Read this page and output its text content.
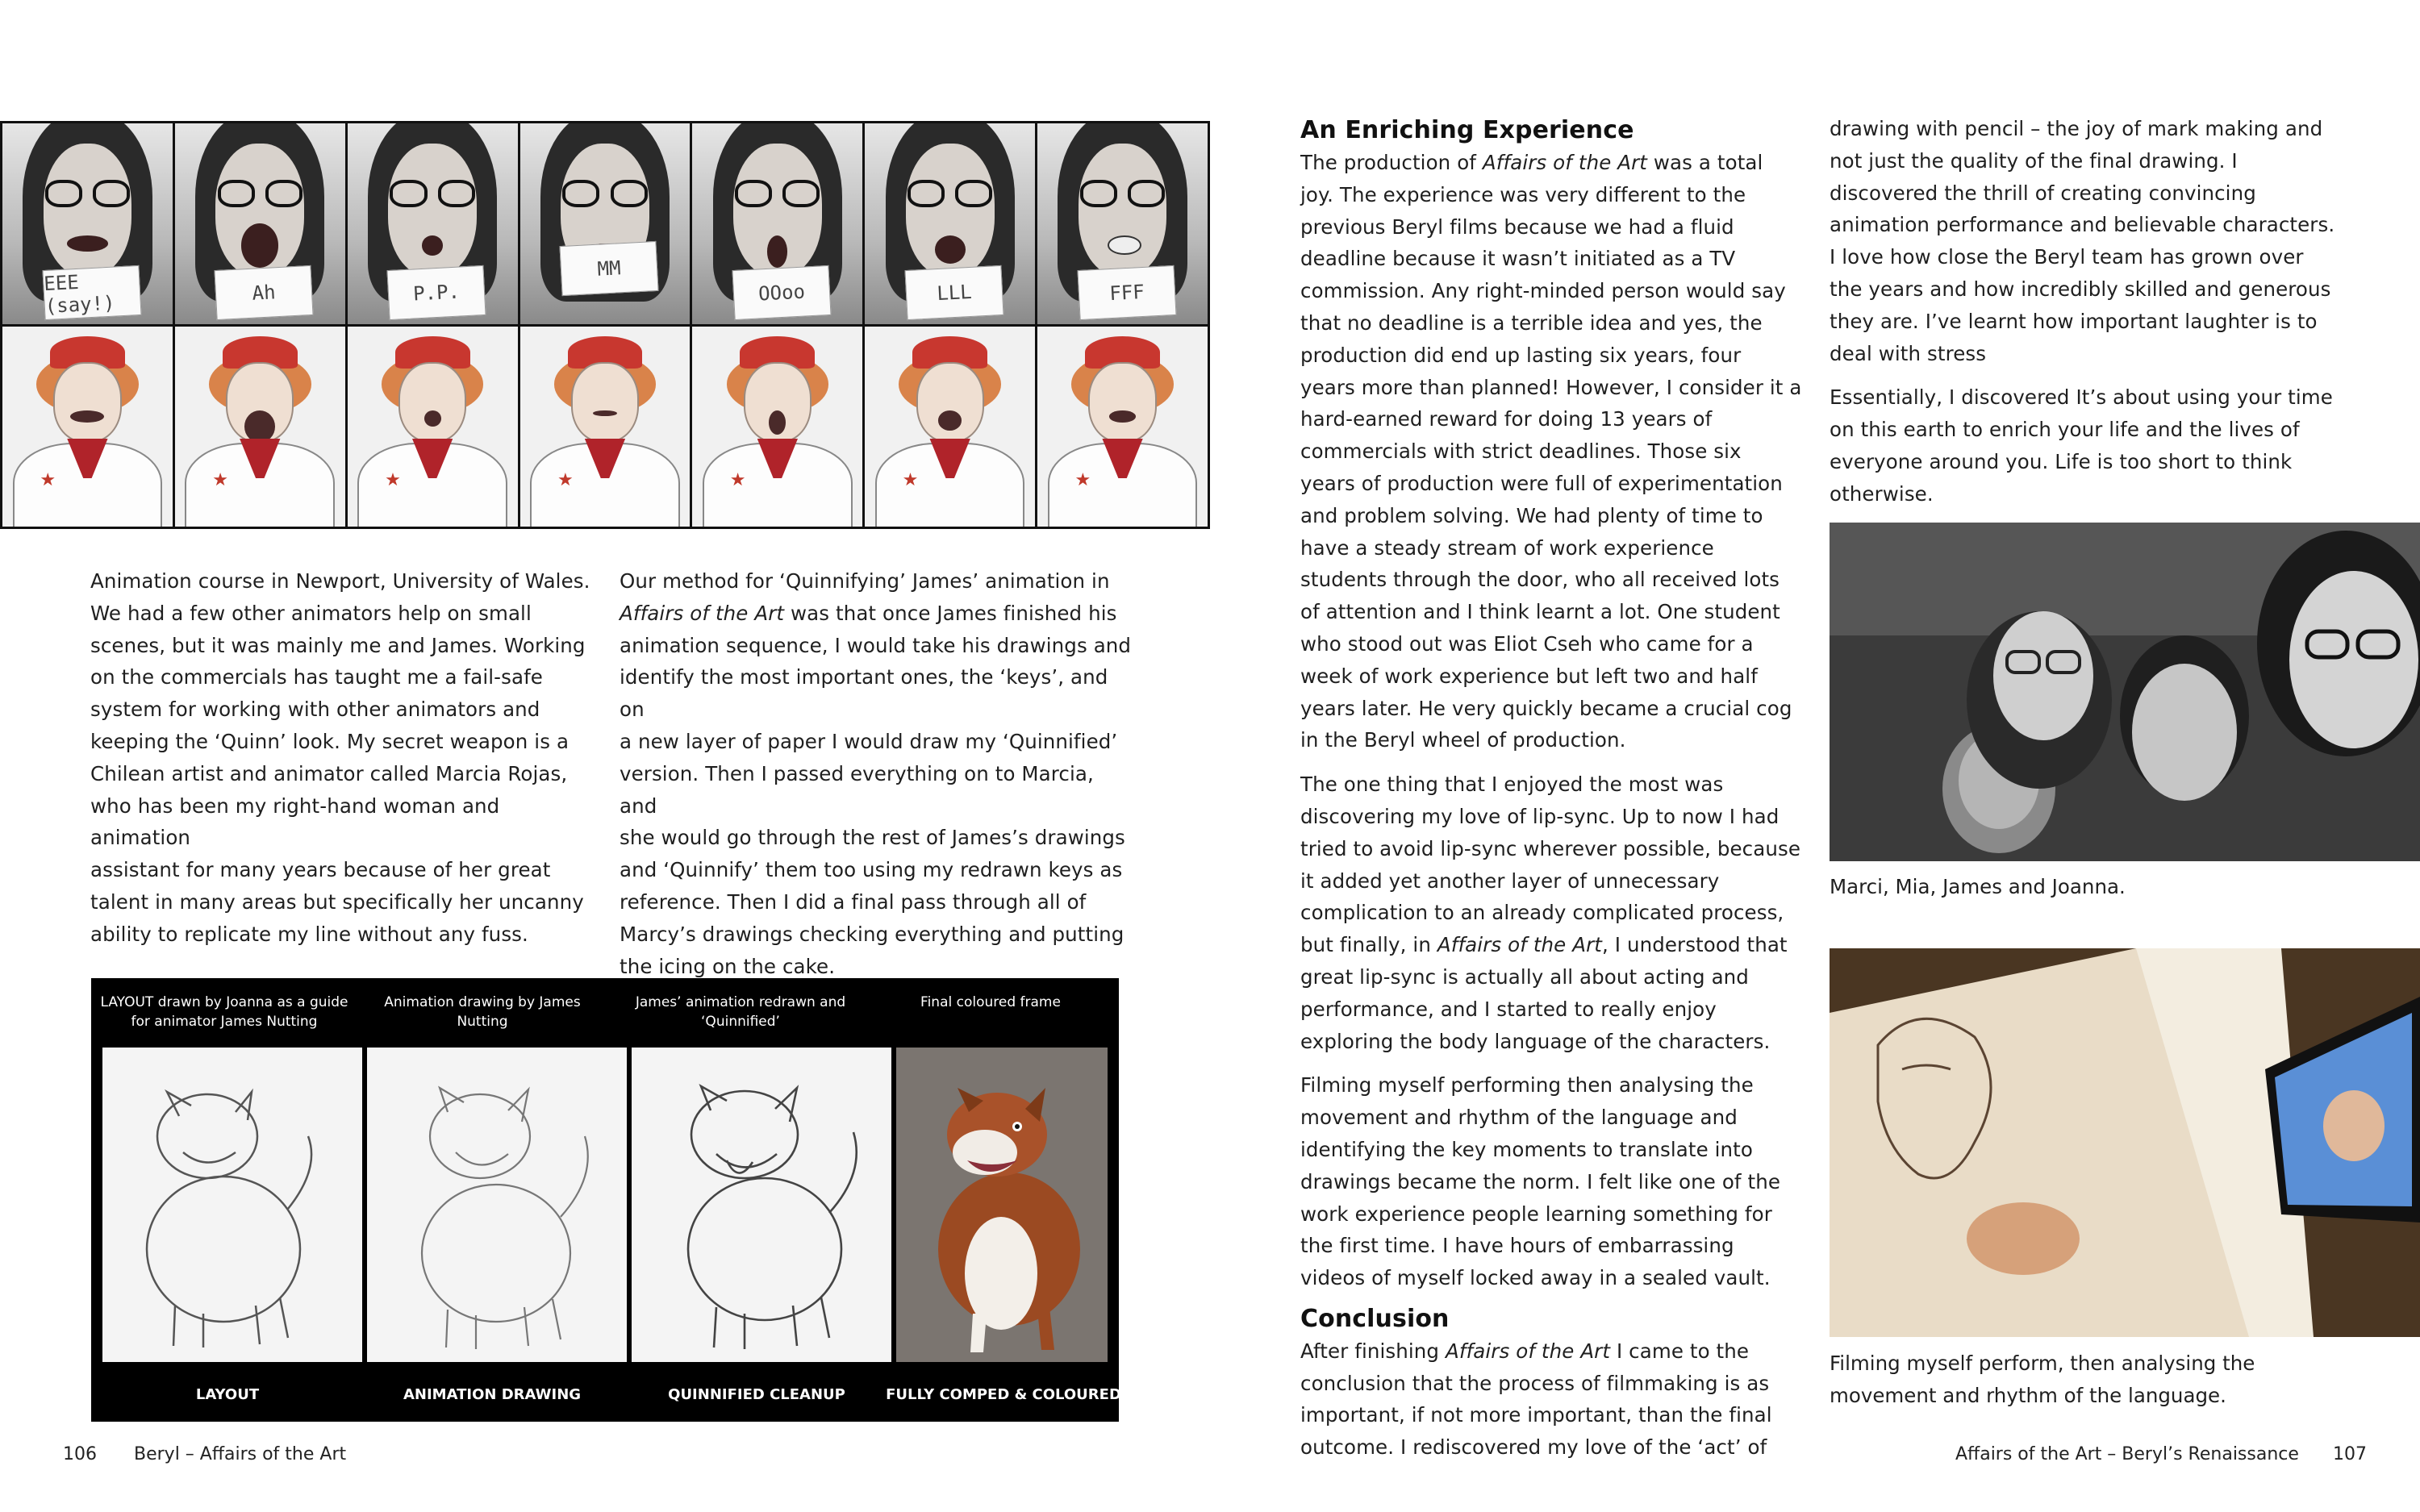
EEE (say!)	Ah	P.P.
MM
OOoo	LLL	FFF
★	★	★	★	★	★	★

Animation course in Newport, University of Wales.

We had a few other animators help on small

scenes, but it was mainly me and James. Working

on the commercials has taught me a fail-safe

system for working with other animators and

keeping the ‘Quinn’ look. My secret weapon is a

Chilean artist and animator called Marcia Rojas,

who has been my right-hand woman and animation

assistant for many years because of her great

talent in many areas but specifically her uncanny

ability to replicate my line without any fuss.

Our method for ‘Quinnifying’ James’ animation in

Affairs of the Art was that once James finished his

animation sequence, I would take his drawings and

identify the most important ones, the ‘keys’, and on

a new layer of paper I would draw my ‘Quinnified’

version. Then I passed everything on to Marcia, and

she would go through the rest of James’s drawings

and ‘Quinnify’ them too using my redrawn keys as

reference. Then I did a final pass through all of

Marcy’s drawings checking everything and putting

the icing on the cake.

LAYOUT drawn by Joanna as a guide for animator James Nutting
Animation drawing by James Nutting
James’ animation redrawn and ‘Quinnified’
Final coloured frame
LAYOUT	ANIMATION DRAWING	QUINNIFIED CLEANUP	FULLY COMPED & COLOURED
106 Beryl – Affairs of the Art
An Enriching Experience

The production of Affairs of the Art was a total joy. The experience was very different to the previous Beryl films because we had a fluid deadline because it wasn’t initiated as a TV commission. Any right-minded person would say that no deadline is a terrible idea and yes, the production did end up lasting six years, four years more than planned! However, I consider it a hard-earned reward for doing 13 years of commercials with strict deadlines. Those six years of production were full of experimentation and problem solving. We had plenty of time to have a steady stream of work experience students through the door, who all received lots of attention and I think learnt a lot. One student who stood out was Eliot Cseh who came for a week of work experience but left two and half years later. He very quickly became a crucial cog in the Beryl wheel of production.

The one thing that I enjoyed the most was discovering my love of lip-sync. Up to now I had tried to avoid lip-sync wherever possible, because it added yet another layer of unnecessary complication to an already complicated process, but finally, in Affairs of the Art, I understood that great lip-sync is actually all about acting and performance, and I started to really enjoy exploring the body language of the characters.

Filming myself performing then analysing the movement and rhythm of the language and identifying the key moments to translate into drawings became the norm. I felt like one of the work experience people learning something for the first time. I have hours of embarrassing videos of myself locked away in a sealed vault.

Conclusion

After finishing Affairs of the Art I came to the conclusion that the process of filmmaking is as important, if not more important, than the final outcome. I rediscovered my love of the ‘act’ of

drawing with pencil – the joy of mark making and not just the quality of the final drawing. I discovered the thrill of creating convincing animation performance and believable characters. I love how close the Beryl team has grown over the years and how incredibly skilled and generous they are. I’ve learnt how important laughter is to deal with stress

Essentially, I discovered It’s about using your time on this earth to enrich your life and the lives of everyone around you. Life is too short to think otherwise.

Marci, Mia, James and Joanna.
Filming myself perform, then analysing the movement and rhythm of the language.
Affairs of the Art – Beryl’s Renaissance 107
